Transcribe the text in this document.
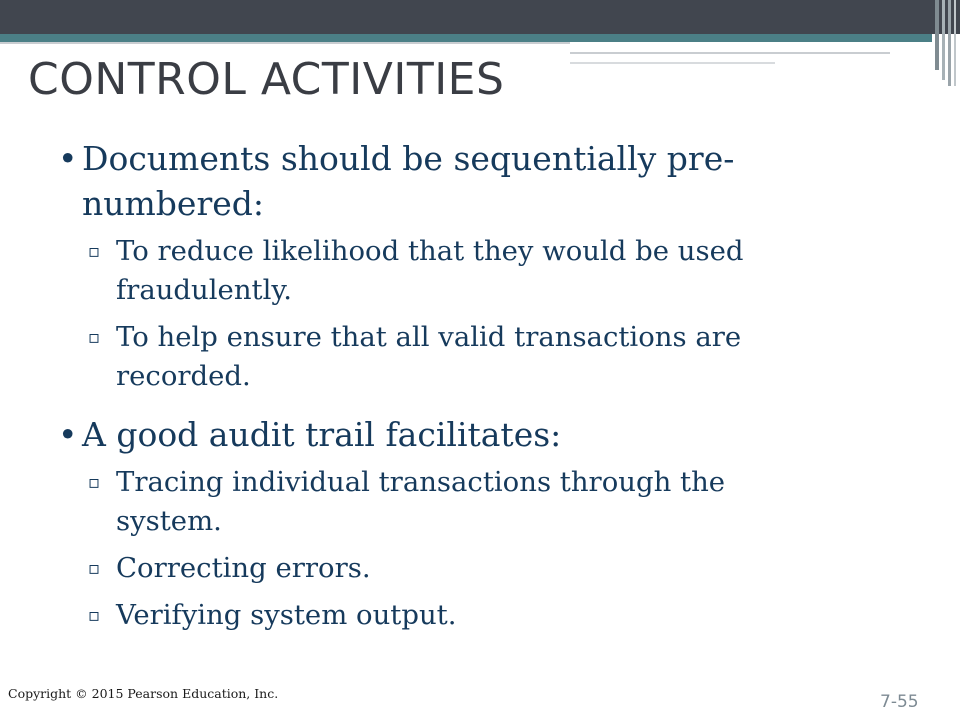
CONTROL ACTIVITIES
• Documents should be sequentially pre-
numbered:
▫ To reduce likelihood that they would be used
fraudulently.
▫ To help ensure that all valid transactions are
recorded.
• A good audit trail facilitates:
▫ Tracing individual transactions through the
system.
▫ Correcting errors.
▫ Verifying system output.
Copyright © 2015 Pearson Education, Inc.	7-55
